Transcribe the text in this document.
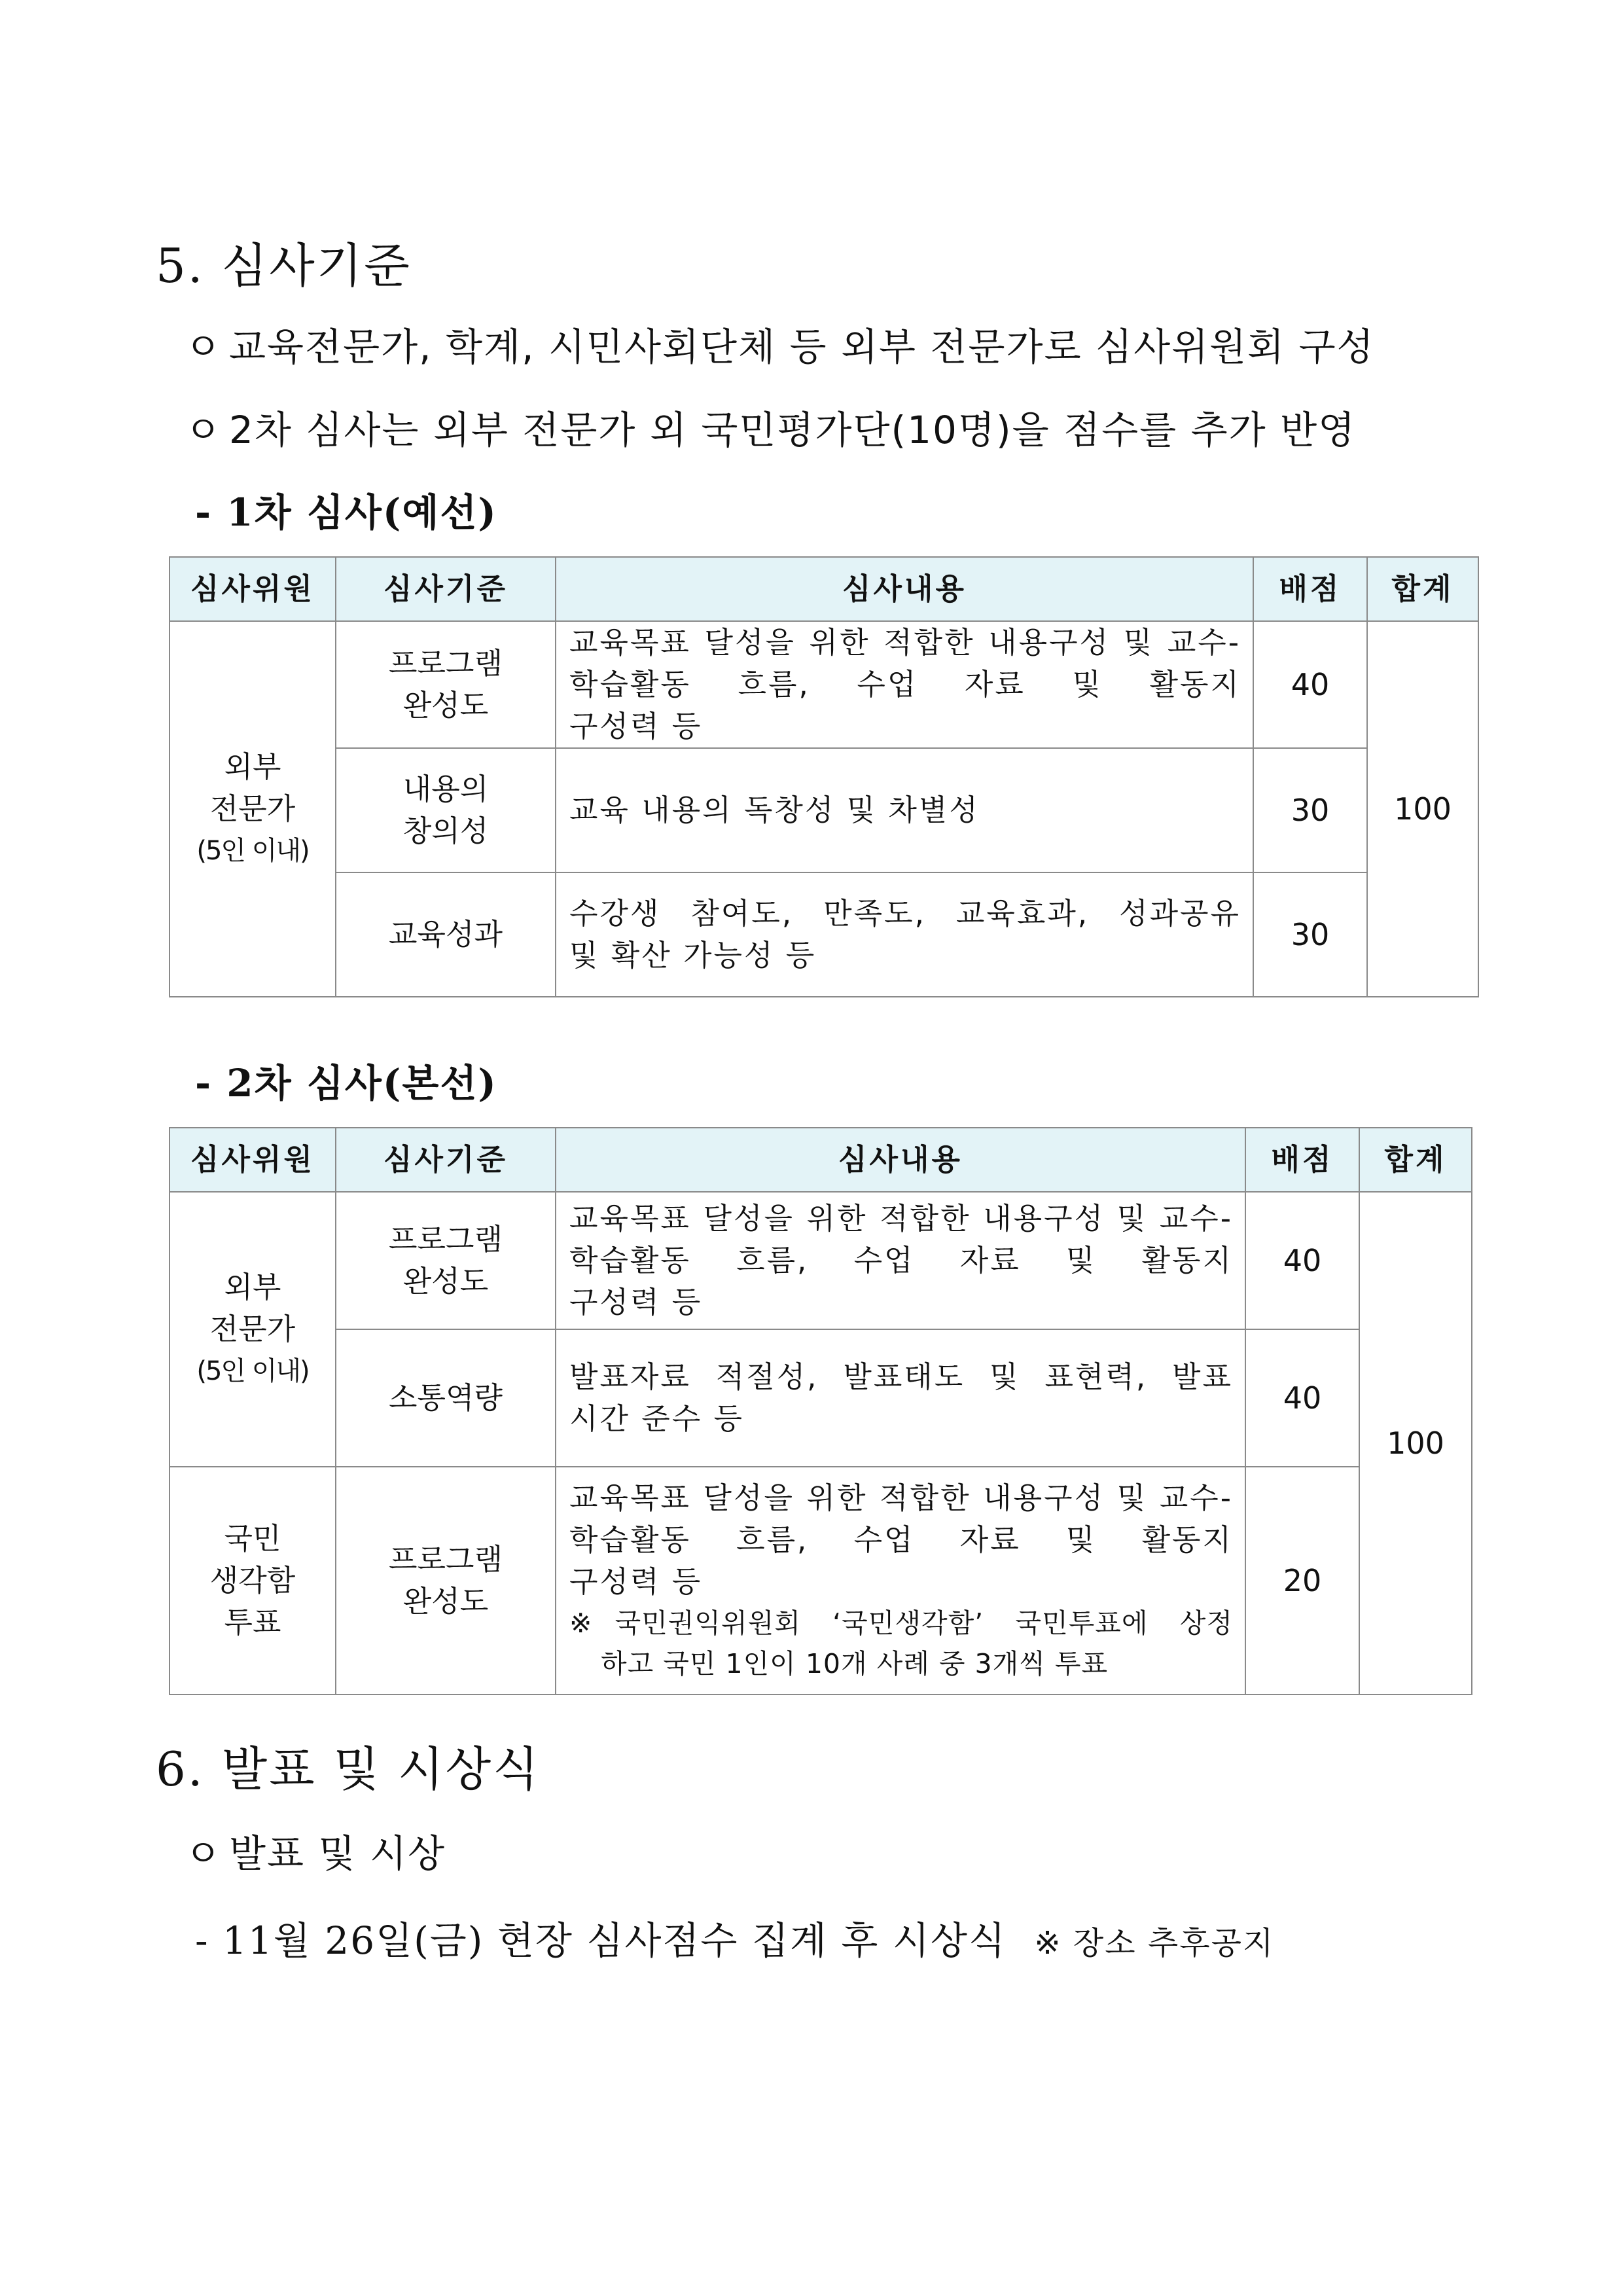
5. 심사기준
ㅇ 교육전문가, 학계, 시민사회단체 등 외부 전문가로 심사위원회 구성
ㅇ 2차 심사는 외부 전문가 외 국민평가단(10명)을 점수를 추가 반영
- 1차 심사(예선)
심사위원	심사기준	심사내용	배점	합계

외부
전문가
(5인 이내)	프로그램
완성도	교육목표 달성을 위한 적합한 내용구성 및 교수-학습활동 흐름, 수업 자료 및 활동지
구성력 등	40	100

	내용의
창의성	교육 내용의 독창성 및 차별성	30	
	교육성과	수강생 참여도, 만족도, 교육효과, 성과공유
및 확산 가능성 등	30	
- 2차 심사(본선)
심사위원	심사기준	심사내용	배점	합계

외부
전문가
(5인 이내)	프로그램
완성도	교육목표 달성을 위한 적합한 내용구성 및 교수-학습활동 흐름, 수업 자료 및 활동지
구성력 등	40	100
	소통역량	발표자료 적절성, 발표태도 및 표현력, 발표
시간 준수 등	40	

국민
생각함
투표	프로그램
완성도	교육목표 달성을 위한 적합한 내용구성 및 교수-학습활동 흐름, 수업 자료 및 활동지
구성력 등
※국민권익위원회 ‘국민생각함’ 국민투표에 상정
하고 국민 1인이 10개 사례 중 3개씩 투표	20	
6. 발표 및 시상식
ㅇ 발표 및 시상
- 11월 26일(금) 현장 심사점수 집계 후 시상식 ※ 장소 추후공지
